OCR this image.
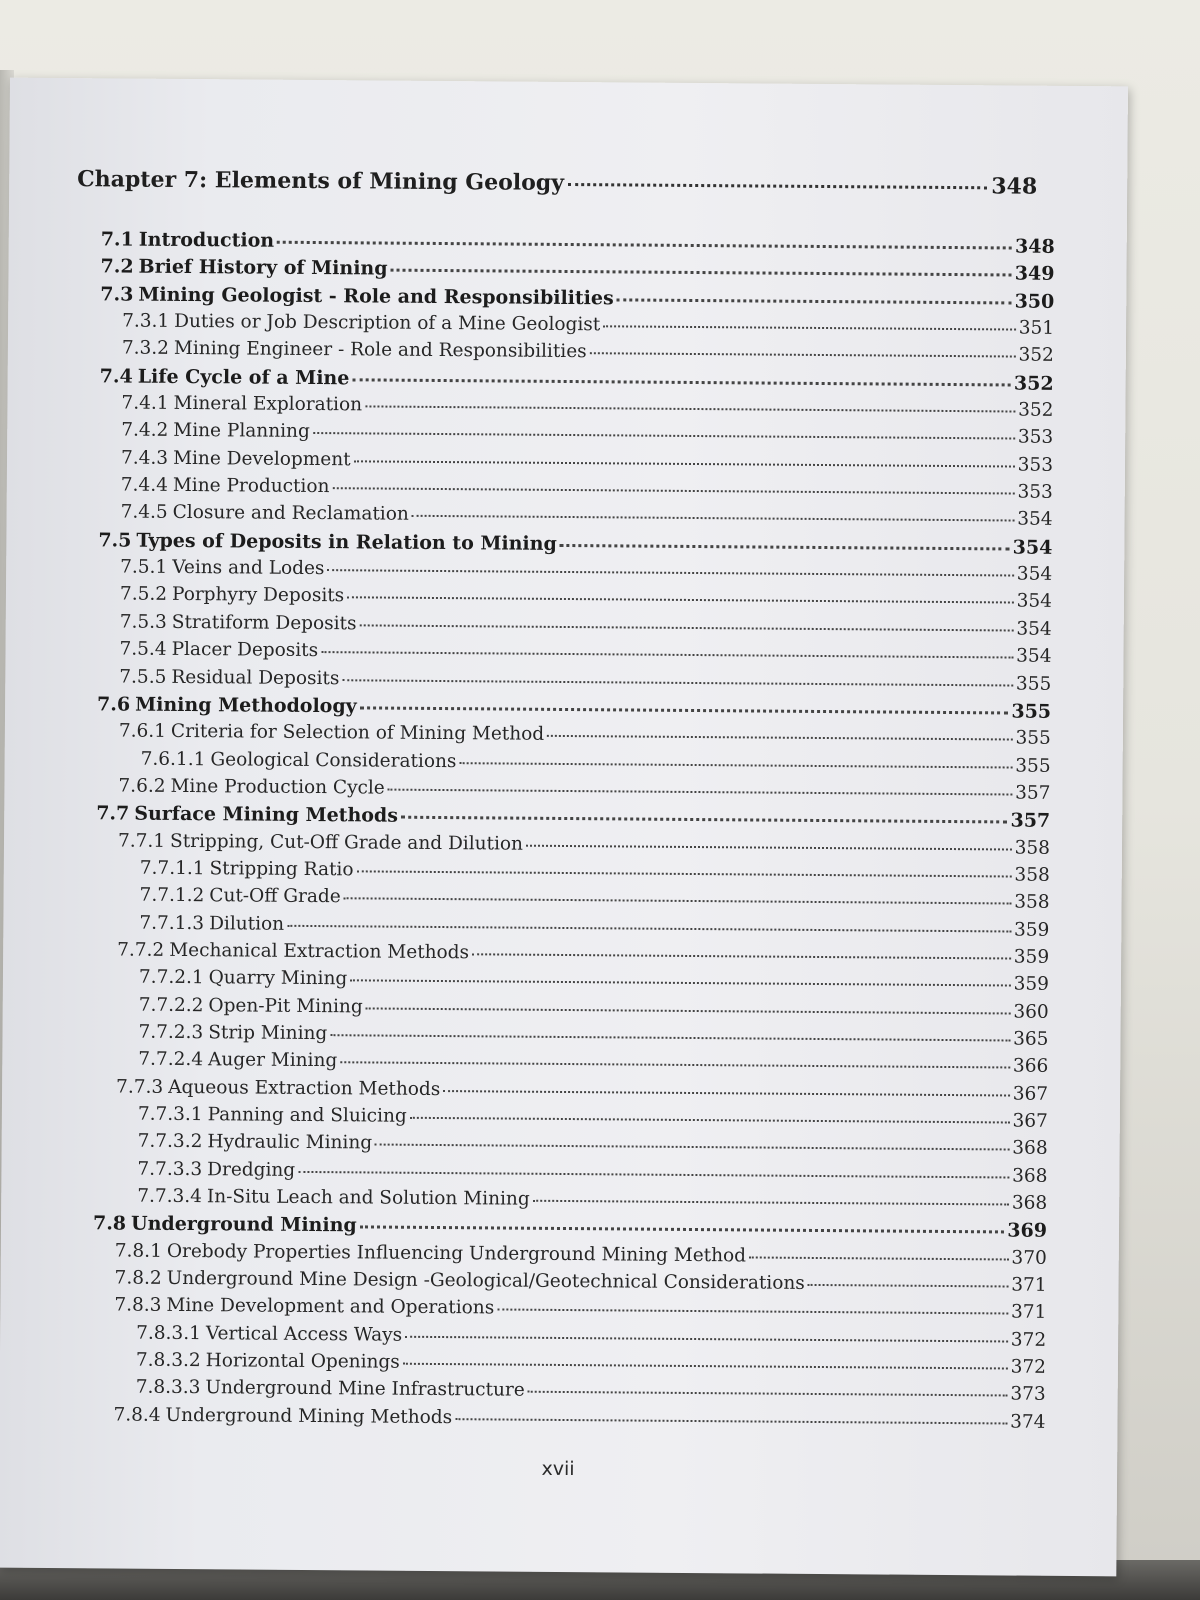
Chapter 7: Elements of Mining Geology	348
7.1 Introduction	348
7.2 Brief History of Mining	349
7.3 Mining Geologist - Role and Responsibilities	350
7.3.1 Duties or Job Description of a Mine Geologist	351
7.3.2 Mining Engineer - Role and Responsibilities	352
7.4 Life Cycle of a Mine	352
7.4.1 Mineral Exploration	352
7.4.2 Mine Planning	353
7.4.3 Mine Development	353
7.4.4 Mine Production	353
7.4.5 Closure and Reclamation	354
7.5 Types of Deposits in Relation to Mining	354
7.5.1 Veins and Lodes	354
7.5.2 Porphyry Deposits	354
7.5.3 Stratiform Deposits	354
7.5.4 Placer Deposits	354
7.5.5 Residual Deposits	355
7.6 Mining Methodology	355
7.6.1 Criteria for Selection of Mining Method	355
7.6.1.1 Geological Considerations	355
7.6.2 Mine Production Cycle	357
7.7 Surface Mining Methods	357
7.7.1 Stripping, Cut-Off Grade and Dilution	358
7.7.1.1 Stripping Ratio	358
7.7.1.2 Cut-Off Grade	358
7.7.1.3 Dilution	359
7.7.2 Mechanical Extraction Methods	359
7.7.2.1 Quarry Mining	359
7.7.2.2 Open-Pit Mining	360
7.7.2.3 Strip Mining	365
7.7.2.4 Auger Mining	366
7.7.3 Aqueous Extraction Methods	367
7.7.3.1 Panning and Sluicing	367
7.7.3.2 Hydraulic Mining	368
7.7.3.3 Dredging	368
7.7.3.4 In-Situ Leach and Solution Mining	368
7.8 Underground Mining	369
7.8.1 Orebody Properties Influencing Underground Mining Method	370
7.8.2 Underground Mine Design -Geological/Geotechnical Considerations	371
7.8.3 Mine Development and Operations	371
7.8.3.1 Vertical Access Ways	372
7.8.3.2 Horizontal Openings	372
7.8.3.3 Underground Mine Infrastructure	373
7.8.4 Underground Mining Methods	374
xvii
